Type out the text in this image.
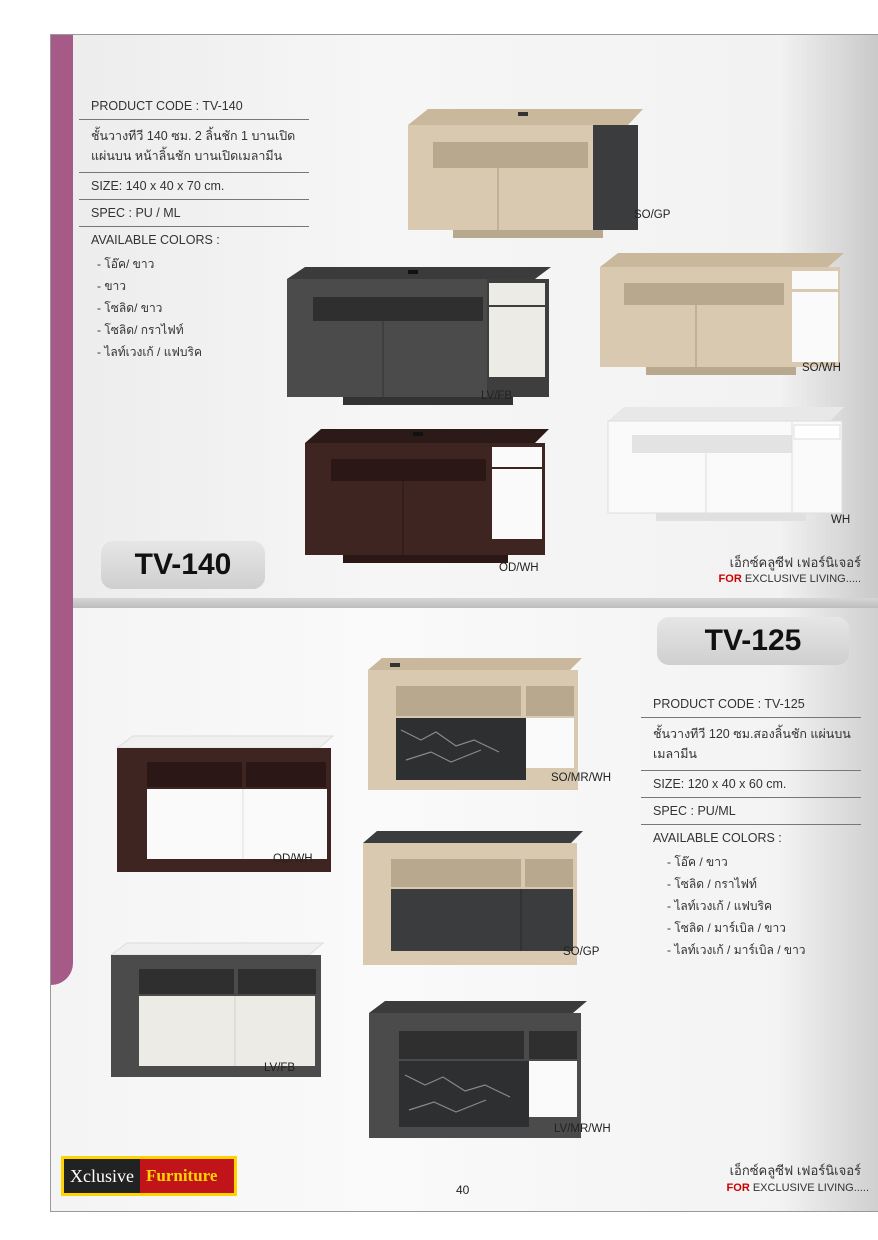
PRODUCT CODE : TV-140
ชั้นวางทีวี 140 ซม. 2 ลิ้นชัก 1 บานเปิด แผ่นบน หน้าลิ้นชัก บานเปิดเมลามีน
SIZE: 140 x 40 x 70 cm.
SPEC : PU / ML
AVAILABLE COLORS :
- โอ๊ค/ ขาว
- ขาว
- โซลิด/ ขาว
- โซลิด/ กราไฟท์
- ไลท์เวงเก้ / แฟบริค
SO/GP
LV/FB
SO/WH
OD/WH
WH
TV-140	เอ็กซ์คลูซีฟ เฟอร์นิเจอร์
FOR EXCLUSIVE LIVING.....
TV-125
PRODUCT CODE : TV-125
ชั้นวางทีวี 120 ซม.สองลิ้นชัก แผ่นบนเมลามีน
SIZE: 120 x 40 x 60 cm.
SPEC : PU/ML
AVAILABLE COLORS :
- โอ๊ค / ขาว
- โซลิด / กราไฟท์
- ไลท์เวงเก้ / แฟบริค
- โซลิด / มาร์เบิล / ขาว
- ไลท์เวงเก้ / มาร์เบิล / ขาว
SO/MR/WH
OD/WH
SO/GP
LV/FB
LV/MR/WH
Xclusive Furniture
40
เอ็กซ์คลูซีฟ เฟอร์นิเจอร์
FOR EXCLUSIVE LIVING.....
